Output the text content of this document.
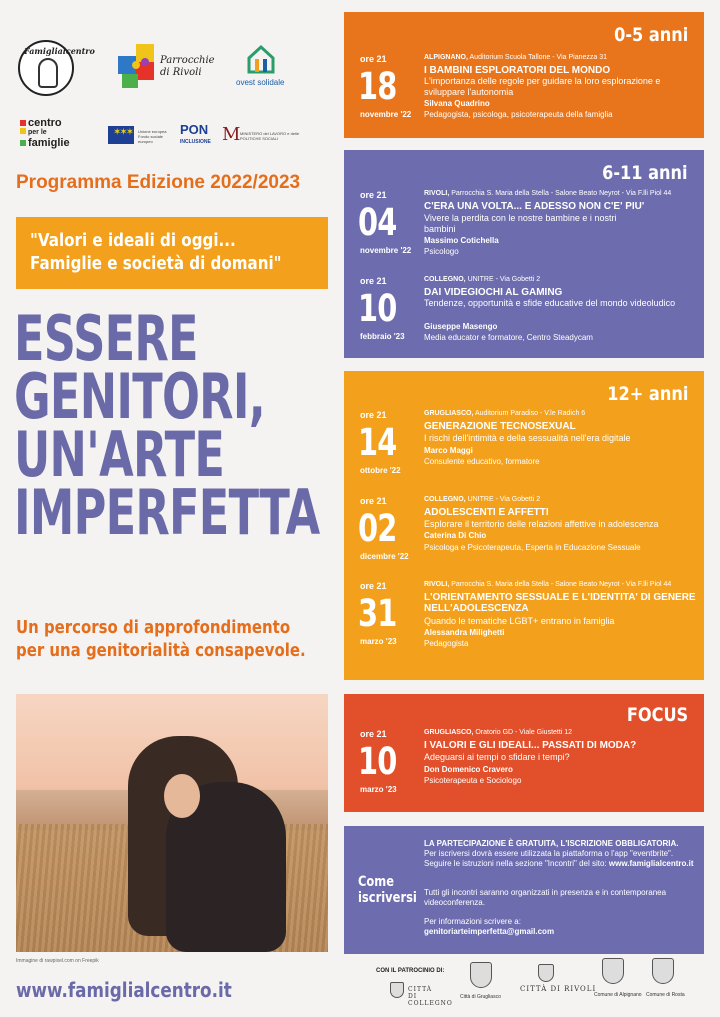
Famiglialcentro
Parrocchie di Rivoli
ovest solidale
centro
per le
famiglie
✶✶✶ Unione europea Fondo sociale europeo
PON
INCLUSIONE M MINISTERO del LAVORO e delle POLITICHE SOCIALI
Programma Edizione 2022/2023
"Valori e ideali di oggi...
Famiglie e società di domani"
ESSERE
GENITORI,
UN'ARTE
IMPERFETTA
Un percorso di approfondimento
per una genitorialità consapevole.
Immagine di rawpixel.com on Freepik
www.famiglialcentro.it
0-5 anni
ore 21
18
novembre '22
ALPIGNANO, Auditorium Scuola Tallone - Via Pianezza 31
I BAMBINI ESPLORATORI DEL MONDO
L'importanza delle regole per guidare la loro esplorazione e sviluppare l'autonomia
Silvana Quadrino
Pedagogista, psicologa, psicoterapeuta della famiglia
6-11 anni
ore 21
04
novembre '22
RIVOLI, Parrocchia S. Maria della Stella - Salone Beato Neyrot - Via F.lli Piol 44
C'ERA UNA VOLTA... E ADESSO NON C'E' PIU'
Vivere la perdita con le nostre bambine e i nostri bambini
Massimo Cotichella
Psicologo
ore 21
10
febbraio '23
COLLEGNO, UNITRE - Via Gobetti 2
DAI VIDEGIOCHI AL GAMING
Tendenze, opportunità e sfide educative del mondo videoludico
Giuseppe Masengo
Media educator e formatore, Centro Steadycam
12+ anni
ore 21
14
ottobre '22
GRUGLIASCO, Auditorium Paradiso - V.le Radich 6
GENERAZIONE TECNOSEXUAL
I rischi dell'intimità e della sessualità nell'era digitale
Marco Maggi
Consulente educativo, formatore
ore 21
02
dicembre '22
COLLEGNO, UNITRE - Via Gobetti 2
ADOLESCENTI E AFFETTI
Esplorare il territorio delle relazioni affettive in adolescenza
Caterina Di Chio
Psicologa e Psicoterapeuta, Esperta in Educazione Sessuale
ore 21
31
marzo '23
RIVOLI, Parrocchia S. Maria della Stella - Salone Beato Neyrot - Via F.lli Piol 44
L'ORIENTAMENTO SESSUALE E L'IDENTITA' DI GENERE NELL'ADOLESCENZA
Quando le tematiche LGBT+ entrano in famiglia
Alessandra Milighetti
Pedagogista
FOCUS
ore 21
10
marzo '23
GRUGLIASCO, Oratorio GD - Viale Giustetti 12
I VALORI E GLI IDEALI... PASSATI DI MODA?
Adeguarsi ai tempi o sfidare i tempi?
Don Domenico Cravero
Psicoterapeuta e Sociologo
Come
iscriversi
LA PARTECIPAZIONE È GRATUITA, L'ISCRIZIONE OBBLIGATORIA.
Per iscriversi dovrà essere utilizzata la piattaforma o l'app "eventbrite". Seguire le istruzioni nella sezione "Incontri" del sito: www.famiglialcentro.it
Tutti gli incontri saranno organizzati in presenza e in contemporanea videoconferenza.
Per informazioni scrivere a:
genitoriarteimperfetta@gmail.com
CON IL PATROCINIO DI:
CITTÀ DI COLLEGNO
Città di Grugliasco
CITTÀ DI RIVOLI
Comune di Alpignano Comune di Rosta
